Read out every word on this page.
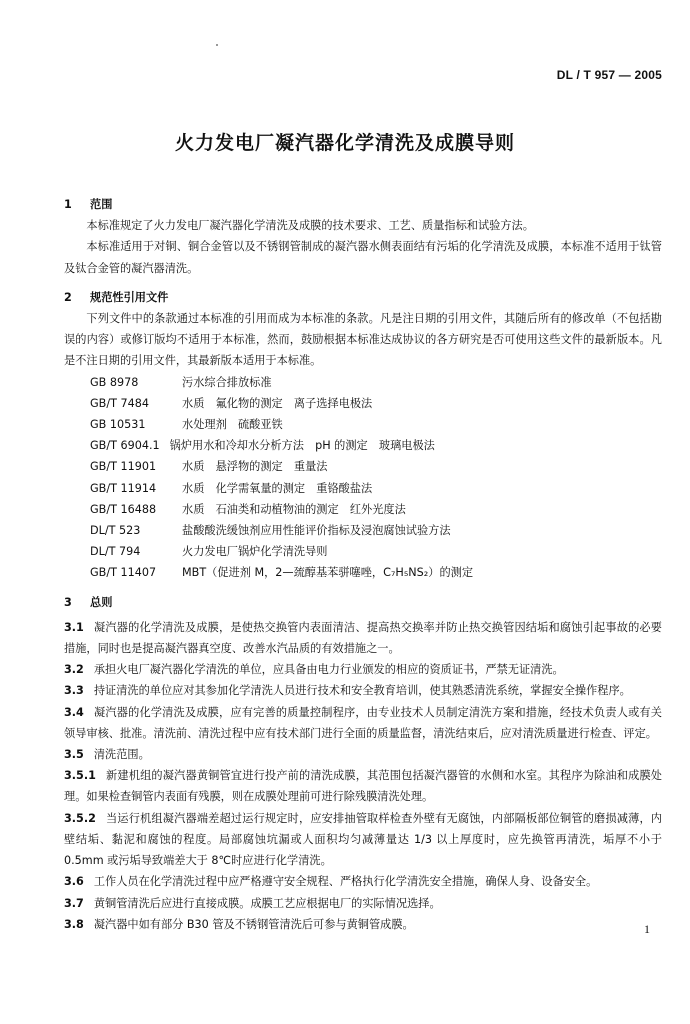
DL / T 957 — 2005
火力发电厂凝汽器化学清洗及成膜导则

1 范围

本标准规定了火力发电厂凝汽器化学清洗及成膜的技术要求、工艺、质量指标和试验方法。

本标准适用于对铜、铜合金管以及不锈钢管制成的凝汽器水侧表面结有污垢的化学清洗及成膜，本标准不适用于钛管及钛合金管的凝汽器清洗。

2 规范性引用文件

下列文件中的条款通过本标准的引用而成为本标准的条款。凡是注日期的引用文件，其随后所有的修改单（不包括勘误的内容）或修订版均不适用于本标准，然而，鼓励根据本标准达成协议的各方研究是否可使用这些文件的最新版本。凡是不注日期的引用文件，其最新版本适用于本标准。

GB 8978	污水综合排放标准
GB/T 7484	水质　氟化物的测定　离子选择电极法
GB 10531	水处理剂　硫酸亚铁
GB/T 6904.1 锅炉用水和冷却水分析方法　pH 的测定　玻璃电极法
GB/T 11901 水质　悬浮物的测定　重量法
GB/T 11914 水质　化学需氧量的测定　重铬酸盐法
GB/T 16488 水质　石油类和动植物油的测定　红外光度法
DL/T 523	盐酸酸洗缓蚀剂应用性能评价指标及浸泡腐蚀试验方法
DL/T 794	火力发电厂锅炉化学清洗导则
GB/T 11407 MBT（促进剂 M，2—巯醇基苯骈噻唑，C₇H₅NS₂）的测定

3 总则

3.1 凝汽器的化学清洗及成膜，是使热交换管内表面清洁、提高热交换率并防止热交换管因结垢和腐蚀引起事故的必要措施，同时也是提高凝汽器真空度、改善水汽品质的有效措施之一。

3.2 承担火电厂凝汽器化学清洗的单位，应具备由电力行业颁发的相应的资质证书，严禁无证清洗。

3.3 持证清洗的单位应对其参加化学清洗人员进行技术和安全教育培训，使其熟悉清洗系统，掌握安全操作程序。

3.4 凝汽器的化学清洗及成膜，应有完善的质量控制程序，由专业技术人员制定清洗方案和措施，经技术负责人或有关领导审核、批准。清洗前、清洗过程中应有技术部门进行全面的质量监督，清洗结束后，应对清洗质量进行检查、评定。

3.5 清洗范围。

3.5.1 新建机组的凝汽器黄铜管宜进行投产前的清洗成膜，其范围包括凝汽器管的水侧和水室。其程序为除油和成膜处理。如果检查铜管内表面有残膜，则在成膜处理前可进行除残膜清洗处理。

3.5.2 当运行机组凝汽器端差超过运行规定时，应安排抽管取样检查外壁有无腐蚀，内部隔板部位铜管的磨损减薄，内壁结垢、黏泥和腐蚀的程度。局部腐蚀坑漏或人面积均匀减薄量达 1/3 以上厚度时，应先换管再清洗，垢厚不小于 0.5mm 或污垢导致端差大于 8℃时应进行化学清洗。

3.6 工作人员在化学清洗过程中应严格遵守安全规程、严格执行化学清洗安全措施，确保人身、设备安全。

3.7 黄铜管清洗后应进行直接成膜。成膜工艺应根据电厂的实际情况选择。

3.8 凝汽器中如有部分 B30 管及不锈钢管清洗后可参与黄铜管成膜。	1
